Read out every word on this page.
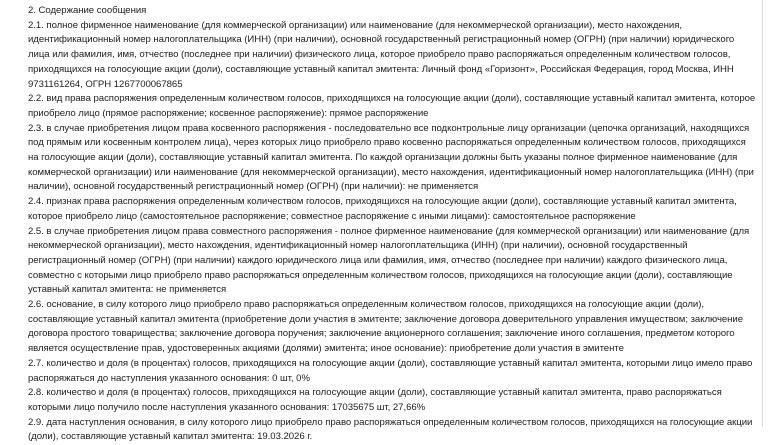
2. Содержание сообщения

2.1. полное фирменное наименование (для коммерческой организации) или наименование (для некоммерческой организации), место нахождения, идентификационный номер налогоплательщика (ИНН) (при наличии), основной государственный регистрационный номер (ОГРН) (при наличии) юридического лица или фамилия, имя, отчество (последнее при наличии) физического лица, которое приобрело право распоряжаться определенным количеством голосов, приходящихся на голосующие акции (доли), составляющие уставный капитал эмитента: Личный фонд «Горизонт», Российская Федерация, город Москва, ИНН 9731161264, ОГРН 1267700067865

2.2. вид права распоряжения определенным количеством голосов, приходящихся на голосующие акции (доли), составляющие уставный капитал эмитента, которое приобрело лицо (прямое распоряжение; косвенное распоряжение): прямое распоряжение

2.3. в случае приобретения лицом права косвенного распоряжения - последовательно все подконтрольные лицу организации (цепочка организаций, находящихся под прямым или косвенным контролем лица), через которых лицо приобрело право косвенно распоряжаться определенным количеством голосов, приходящихся на голосующие акции (доли), составляющие уставный капитал эмитента. По каждой организации должны быть указаны полное фирменное наименование (для коммерческой организации) или наименование (для некоммерческой организации), место нахождения, идентификационный номер налогоплательщика (ИНН) (при наличии), основной государственный регистрационный номер (ОГРН) (при наличии): не применяется

2.4. признак права распоряжения определенным количеством голосов, приходящихся на голосующие акции (доли), составляющие уставный капитал эмитента, которое приобрело лицо (самостоятельное распоряжение; совместное распоряжение с иными лицами): самостоятельное распоряжение

2.5. в случае приобретения лицом права совместного распоряжения - полное фирменное наименование (для коммерческой организации) или наименование (для некоммерческой организации), место нахождения, идентификационный номер налогоплательщика (ИНН) (при наличии), основной государственный регистрационный номер (ОГРН) (при наличии) каждого юридического лица или фамилия, имя, отчество (последнее при наличии) каждого физического лица, совместно с которыми лицо приобрело право распоряжаться определенным количеством голосов, приходящихся на голосующие акции (доли), составляющие уставный капитал эмитента: не применяется

2.6. основание, в силу которого лицо приобрело право распоряжаться определенным количеством голосов, приходящихся на голосующие акции (доли), составляющие уставный капитал эмитента (приобретение доли участия в эмитенте; заключение договора доверительного управления имуществом; заключение договора простого товарищества; заключение договора поручения; заключение акционерного соглашения; заключение иного соглашения, предметом которого является осуществление прав, удостоверенных акциями (долями) эмитента; иное основание): приобретение доли участия в эмитенте

2.7. количество и доля (в процентах) голосов, приходящихся на голосующие акции (доли), составляющие уставный капитал эмитента, которыми лицо имело право распоряжаться до наступления указанного основания: 0 шт, 0%

2.8. количество и доля (в процентах) голосов, приходящихся на голосующие акции (доли), составляющие уставный капитал эмитента, право распоряжаться которыми лицо получило после наступления указанного основания: 17035675 шт, 27,66%

2.9. дата наступления основания, в силу которого лицо приобрело право распоряжаться определенным количеством голосов, приходящихся на голосующие акции (доли), составляющие уставный капитал эмитента: 19.03.2026 г.
